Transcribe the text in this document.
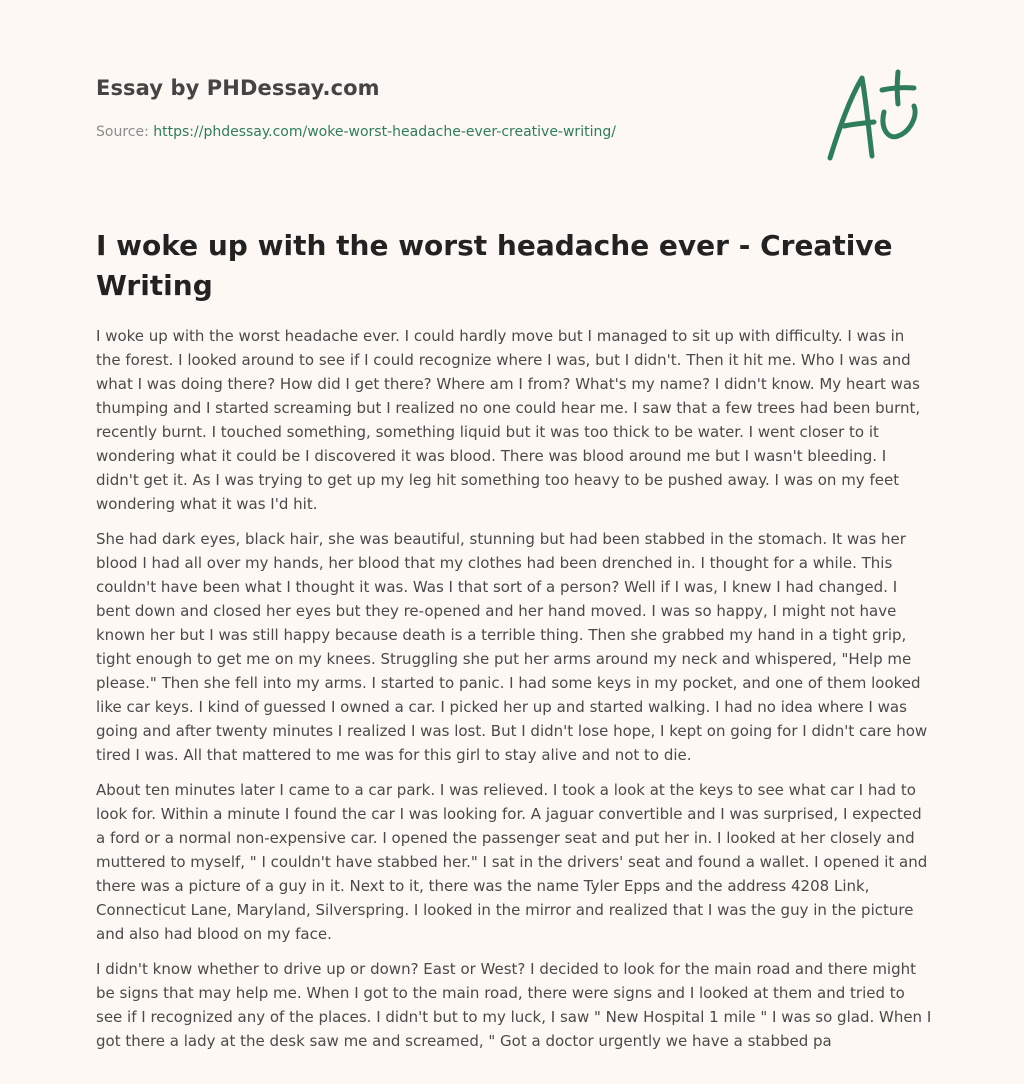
Essay by PHDessay.com
Source: https://phdessay.com/woke-worst-headache-ever-creative-writing/
I woke up with the worst headache ever - Creative Writing

I woke up with the worst headache ever. I could hardly move but I managed to sit up with difficulty. I was in the forest. I looked around to see if I could recognize where I was, but I didn't. Then it hit me. Who I was and what I was doing there? How did I get there? Where am I from? What's my name? I didn't know. My heart was thumping and I started screaming but I realized no one could hear me. I saw that a few trees had been burnt, recently burnt. I touched something, something liquid but it was too thick to be water. I went closer to it wondering what it could be I discovered it was blood. There was blood around me but I wasn't bleeding. I didn't get it. As I was trying to get up my leg hit something too heavy to be pushed away. I was on my feet wondering what it was I'd hit.

She had dark eyes, black hair, she was beautiful, stunning but had been stabbed in the stomach. It was her blood I had all over my hands, her blood that my clothes had been drenched in. I thought for a while. This couldn't have been what I thought it was. Was I that sort of a person? Well if I was, I knew I had changed. I bent down and closed her eyes but they re-opened and her hand moved. I was so happy, I might not have known her but I was still happy because death is a terrible thing. Then she grabbed my hand in a tight grip, tight enough to get me on my knees. Struggling she put her arms around my neck and whispered, "Help me please." Then she fell into my arms. I started to panic. I had some keys in my pocket, and one of them looked like car keys. I kind of guessed I owned a car. I picked her up and started walking. I had no idea where I was going and after twenty minutes I realized I was lost. But I didn't lose hope, I kept on going for I didn't care how tired I was. All that mattered to me was for this girl to stay alive and not to die.

About ten minutes later I came to a car park. I was relieved. I took a look at the keys to see what car I had to look for. Within a minute I found the car I was looking for. A jaguar convertible and I was surprised, I expected a ford or a normal non-expensive car. I opened the passenger seat and put her in. I looked at her closely and muttered to myself, " I couldn't have stabbed her." I sat in the drivers' seat and found a wallet. I opened it and there was a picture of a guy in it. Next to it, there was the name Tyler Epps and the address 4208 Link, Connecticut Lane, Maryland, Silverspring. I looked in the mirror and realized that I was the guy in the picture and also had blood on my face.

I didn't know whether to drive up or down? East or West? I decided to look for the main road and there might be signs that may help me. When I got to the main road, there were signs and I looked at them and tried to see if I recognized any of the places. I didn't but to my luck, I saw " New Hospital 1 mile " I was so glad. When I got there a lady at the desk saw me and screamed, " Got a doctor urgently we have a stabbed pa
